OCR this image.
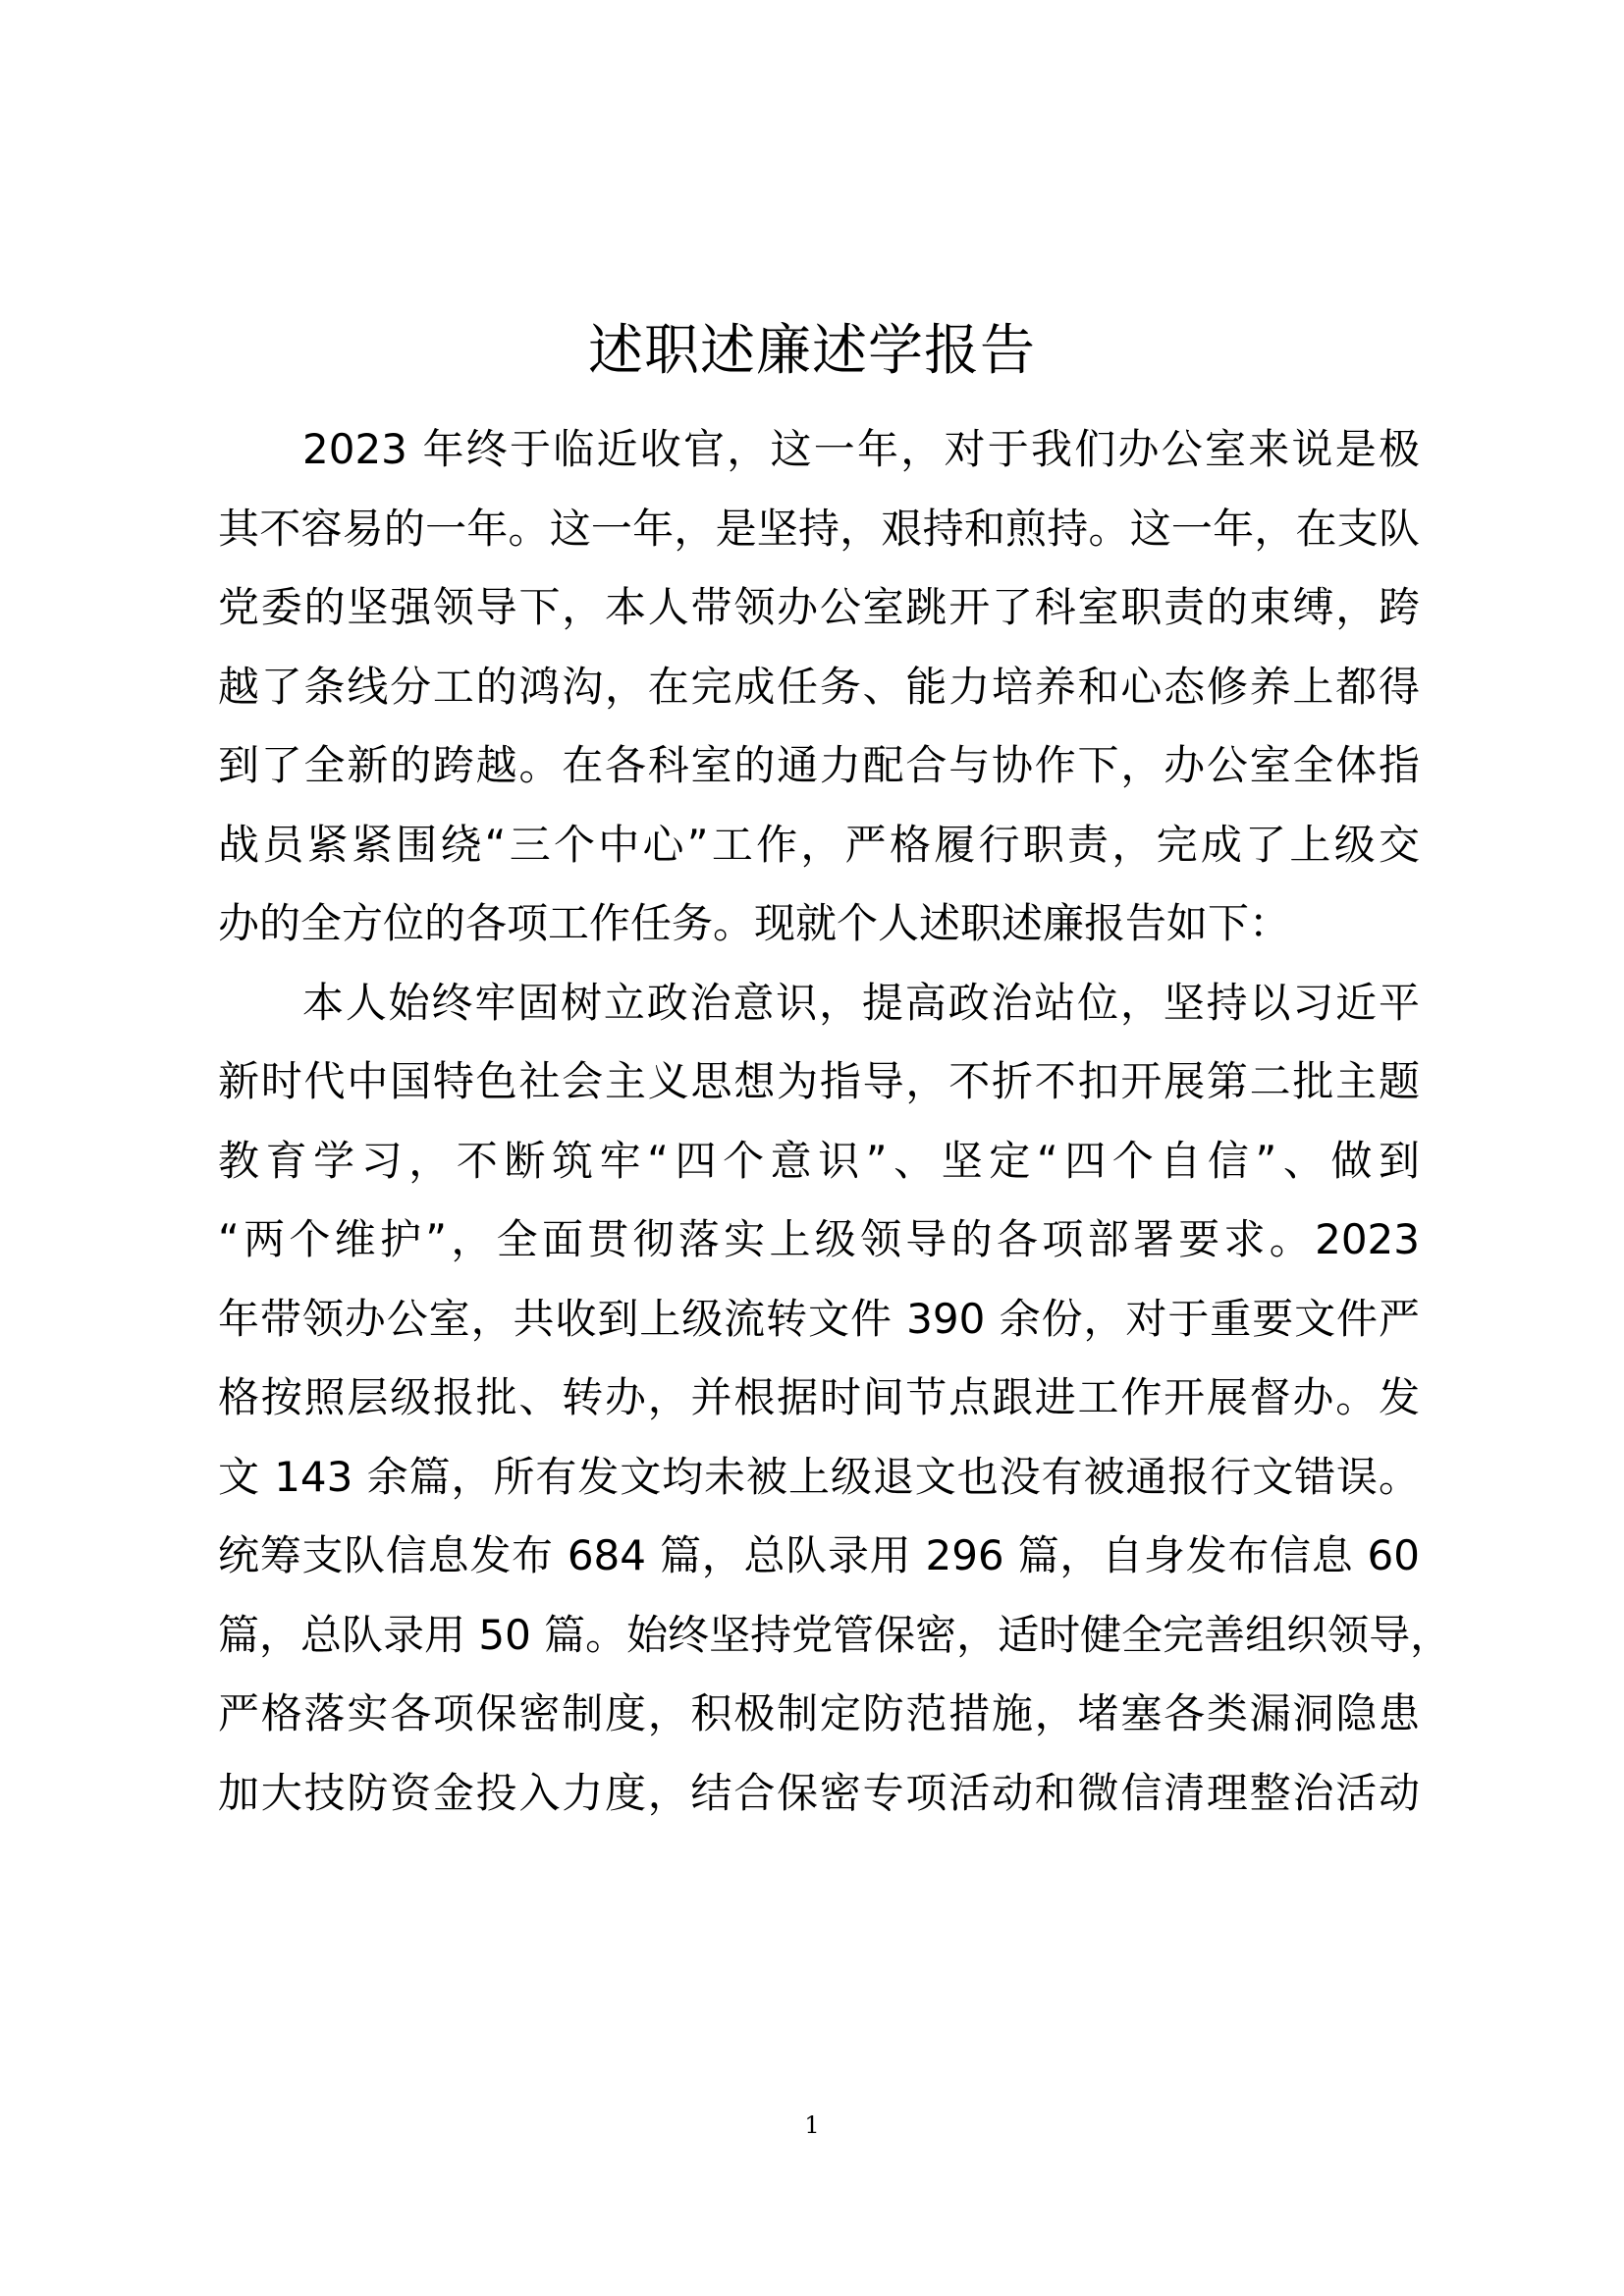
述职述廉述学报告
2023 年终于临近收官，这一年，对于我们办公室来说是极
其不容易的一年。这一年，是坚持，艰持和煎持。这一年，在支队
党委的坚强领导下，本人带领办公室跳开了科室职责的束缚，跨
越了条线分工的鸿沟，在完成任务、能力培养和心态修养上都得
到了全新的跨越。在各科室的通力配合与协作下，办公室全体指
战员紧紧围绕“三个中心”工作，严格履行职责，完成了上级交
办的全方位的各项工作任务。现就个人述职述廉报告如下：
本人始终牢固树立政治意识，提高政治站位，坚持以习近平
新时代中国特色社会主义思想为指导，不折不扣开展第二批主题
教育学习，不断筑牢“四个意识”、坚定“四个自信”、做到
“两个维护”，全面贯彻落实上级领导的各项部署要求。2023
年带领办公室，共收到上级流转文件 390 余份，对于重要文件严
格按照层级报批、转办，并根据时间节点跟进工作开展督办。发
文 143 余篇，所有发文均未被上级退文也没有被通报行文错误。
统筹支队信息发布 684 篇，总队录用 296 篇，自身发布信息 60
篇，总队录用 50 篇。始终坚持党管保密，适时健全完善组织领导，
严格落实各项保密制度，积极制定防范措施，堵塞各类漏洞隐患
加大技防资金投入力度，结合保密专项活动和微信清理整治活动
1
